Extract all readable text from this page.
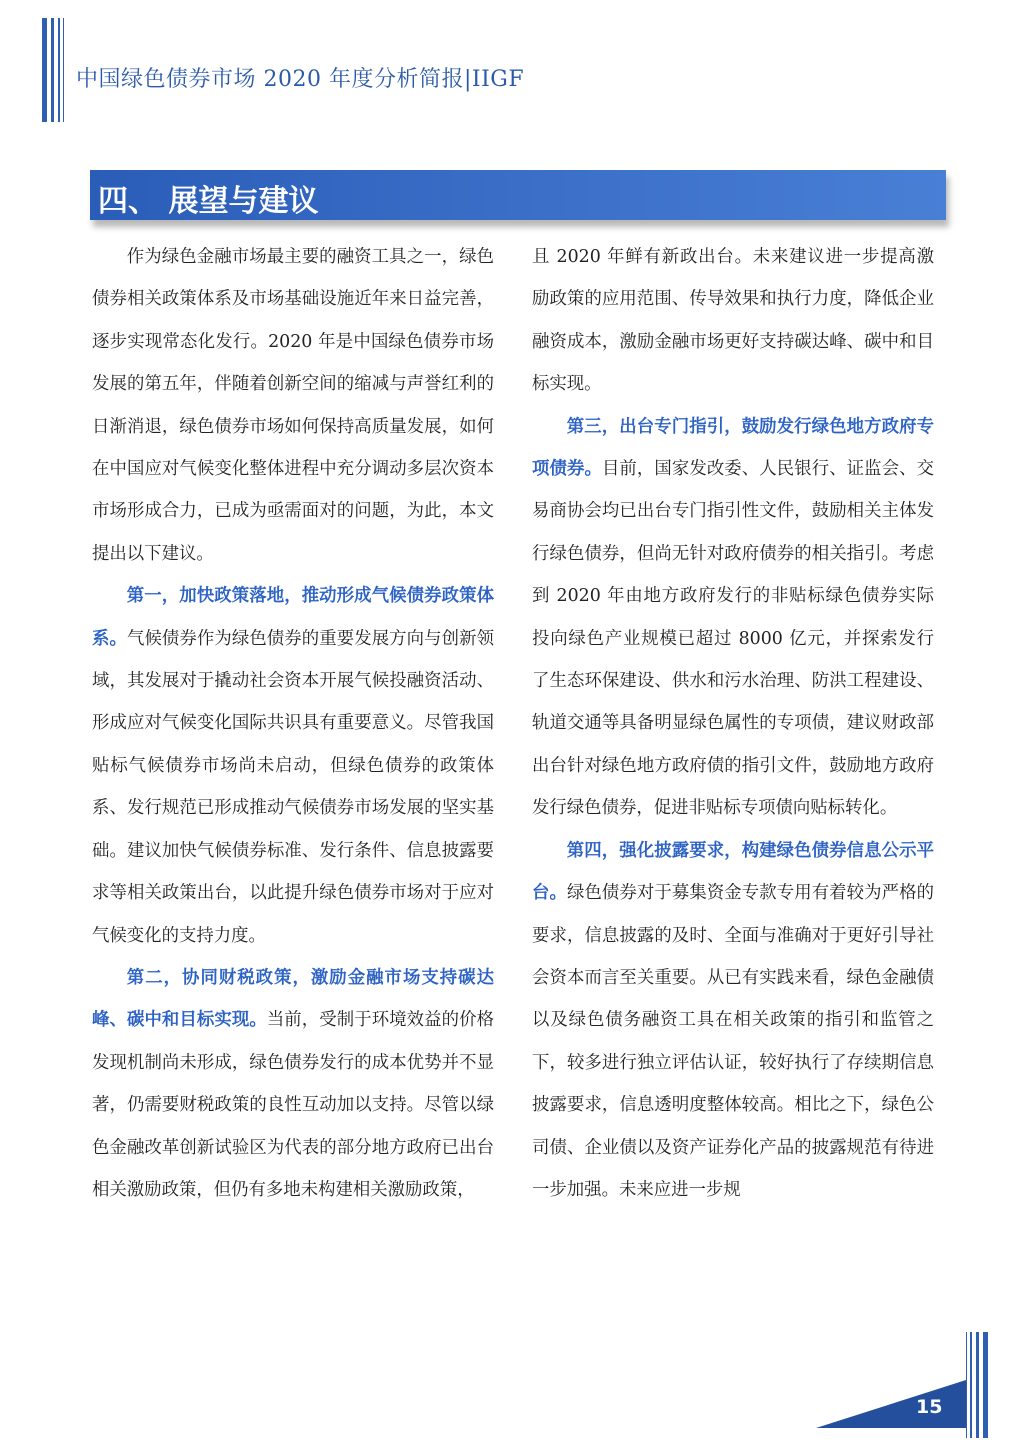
中国绿色债券市场 2020 年度分析简报|IIGF
四、 展望与建议

作为绿色金融市场最主要的融资工具之一，绿色债券相关政策体系及市场基础设施近年来日益完善，逐步实现常态化发行。2020 年是中国绿色债券市场发展的第五年，伴随着创新空间的缩减与声誉红利的日渐消退，绿色债券市场如何保持高质量发展，如何在中国应对气候变化整体进程中充分调动多层次资本市场形成合力，已成为亟需面对的问题，为此，本文提出以下建议。

第一，加快政策落地，推动形成气候债券政策体系。气候债券作为绿色债券的重要发展方向与创新领域，其发展对于撬动社会资本开展气候投融资活动、形成应对气候变化国际共识具有重要意义。尽管我国贴标气候债券市场尚未启动，但绿色债券的政策体系、发行规范已形成推动气候债券市场发展的坚实基础。建议加快气候债券标准、发行条件、信息披露要求等相关政策出台，以此提升绿色债券市场对于应对气候变化的支持力度。

第二，协同财税政策，激励金融市场支持碳达峰、碳中和目标实现。当前，受制于环境效益的价格发现机制尚未形成，绿色债券发行的成本优势并不显著，仍需要财税政策的良性互动加以支持。尽管以绿色金融改革创新试验区为代表的部分地方政府已出台相关激励政策，但仍有多地未构建相关激励政策，

且 2020 年鲜有新政出台。未来建议进一步提高激励政策的应用范围、传导效果和执行力度，降低企业融资成本，激励金融市场更好支持碳达峰、碳中和目标实现。

第三，出台专门指引，鼓励发行绿色地方政府专项债券。目前，国家发改委、人民银行、证监会、交易商协会均已出台专门指引性文件，鼓励相关主体发行绿色债券，但尚无针对政府债券的相关指引。考虑到 2020 年由地方政府发行的非贴标绿色债券实际投向绿色产业规模已超过 8000 亿元，并探索发行了生态环保建设、供水和污水治理、防洪工程建设、轨道交通等具备明显绿色属性的专项债，建议财政部出台针对绿色地方政府债的指引文件，鼓励地方政府发行绿色债券，促进非贴标专项债向贴标转化。

第四，强化披露要求，构建绿色债券信息公示平台。绿色债券对于募集资金专款专用有着较为严格的要求，信息披露的及时、全面与准确对于更好引导社会资本而言至关重要。从已有实践来看，绿色金融债以及绿色债务融资工具在相关政策的指引和监管之下，较多进行独立评估认证，较好执行了存续期信息披露要求，信息透明度整体较高。相比之下，绿色公司债、企业债以及资产证券化产品的披露规范有待进一步加强。未来应进一步规

15
